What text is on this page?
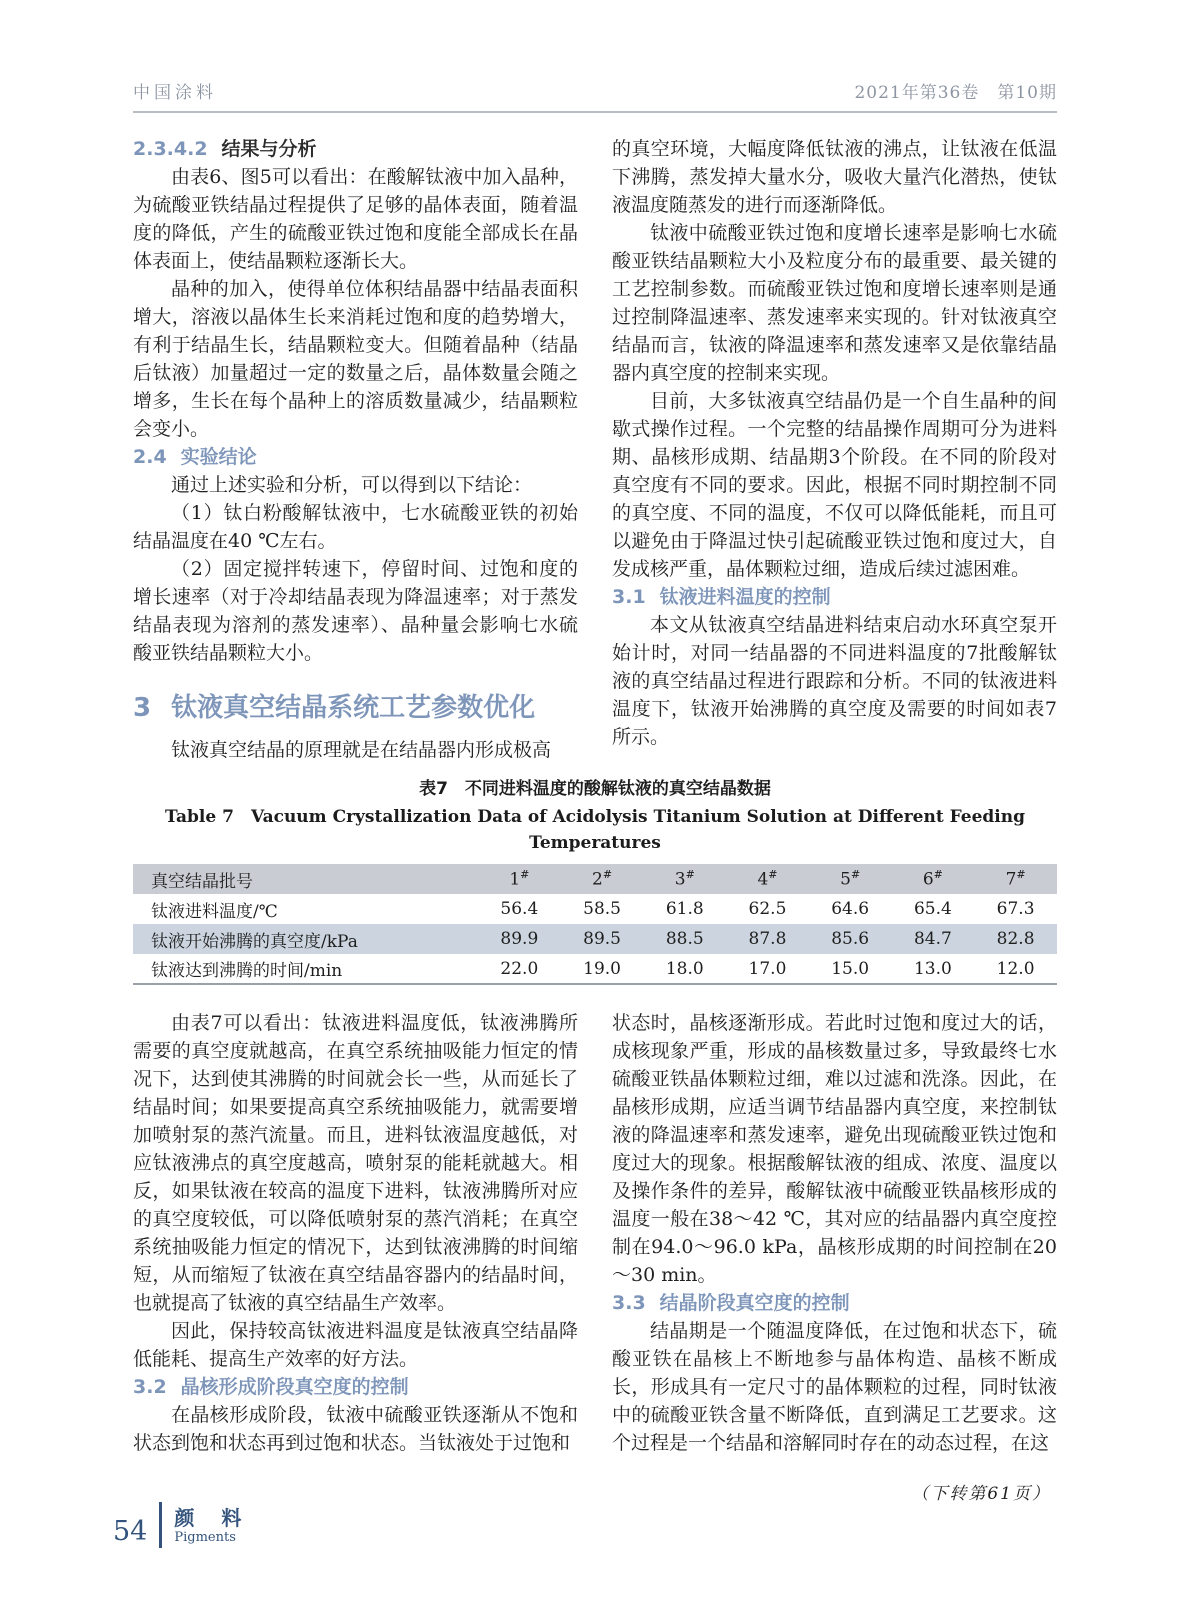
中国涂料	2021年第36卷　第10期
2.3.4.2 结果与分析

由表6、图5可以看出：在酸解钛液中加入晶种，为硫酸亚铁结晶过程提供了足够的晶体表面，随着温度的降低，产生的硫酸亚铁过饱和度能全部成长在晶体表面上，使结晶颗粒逐渐长大。

晶种的加入，使得单位体积结晶器中结晶表面积增大，溶液以晶体生长来消耗过饱和度的趋势增大，有利于结晶生长，结晶颗粒变大。但随着晶种（结晶后钛液）加量超过一定的数量之后，晶体数量会随之增多，生长在每个晶种上的溶质数量减少，结晶颗粒会变小。

2.4 实验结论

通过上述实验和分析，可以得到以下结论：

（1）钛白粉酸解钛液中，七水硫酸亚铁的初始结晶温度在40 ℃左右。

（2）固定搅拌转速下，停留时间、过饱和度的增长速率（对于冷却结晶表现为降温速率；对于蒸发结晶表现为溶剂的蒸发速率）、晶种量会影响七水硫酸亚铁结晶颗粒大小。

3 钛液真空结晶系统工艺参数优化

钛液真空结晶的原理就是在结晶器内形成极高

的真空环境，大幅度降低钛液的沸点，让钛液在低温下沸腾，蒸发掉大量水分，吸收大量汽化潜热，使钛液温度随蒸发的进行而逐渐降低。

钛液中硫酸亚铁过饱和度增长速率是影响七水硫酸亚铁结晶颗粒大小及粒度分布的最重要、最关键的工艺控制参数。而硫酸亚铁过饱和度增长速率则是通过控制降温速率、蒸发速率来实现的。针对钛液真空结晶而言，钛液的降温速率和蒸发速率又是依靠结晶器内真空度的控制来实现。

目前，大多钛液真空结晶仍是一个自生晶种的间歇式操作过程。一个完整的结晶操作周期可分为进料期、晶核形成期、结晶期3个阶段。在不同的阶段对真空度有不同的要求。因此，根据不同时期控制不同的真空度、不同的温度，不仅可以降低能耗，而且可以避免由于降温过快引起硫酸亚铁过饱和度过大，自发成核严重，晶体颗粒过细，造成后续过滤困难。

3.1 钛液进料温度的控制

本文从钛液真空结晶进料结束启动水环真空泵开始计时，对同一结晶器的不同进料温度的7批酸解钛液的真空结晶过程进行跟踪和分析。不同的钛液进料温度下，钛液开始沸腾的真空度及需要的时间如表7所示。

表7　不同进料温度的酸解钛液的真空结晶数据
Table 7　Vacuum Crystallization Data of Acidolysis Titanium Solution at Different Feeding Temperatures
真空结晶批号	1#	2#	3#	4#	5#	6#	7#
钛液进料温度/℃	56.4	58.5	61.8	62.5	64.6	65.4	67.3
钛液开始沸腾的真空度/kPa	89.9	89.5	88.5	87.8	85.6	84.7	82.8
钛液达到沸腾的时间/min	22.0	19.0	18.0	17.0	15.0	13.0	12.0

由表7可以看出：钛液进料温度低，钛液沸腾所需要的真空度就越高，在真空系统抽吸能力恒定的情况下，达到使其沸腾的时间就会长一些，从而延长了结晶时间；如果要提高真空系统抽吸能力，就需要增加喷射泵的蒸汽流量。而且，进料钛液温度越低，对应钛液沸点的真空度越高，喷射泵的能耗就越大。相反，如果钛液在较高的温度下进料，钛液沸腾所对应的真空度较低，可以降低喷射泵的蒸汽消耗；在真空系统抽吸能力恒定的情况下，达到钛液沸腾的时间缩短，从而缩短了钛液在真空结晶容器内的结晶时间，也就提高了钛液的真空结晶生产效率。

因此，保持较高钛液进料温度是钛液真空结晶降低能耗、提高生产效率的好方法。

3.2 晶核形成阶段真空度的控制

在晶核形成阶段，钛液中硫酸亚铁逐渐从不饱和状态到饱和状态再到过饱和状态。当钛液处于过饱和

状态时，晶核逐渐形成。若此时过饱和度过大的话，成核现象严重，形成的晶核数量过多，导致最终七水硫酸亚铁晶体颗粒过细，难以过滤和洗涤。因此，在晶核形成期，应适当调节结晶器内真空度，来控制钛液的降温速率和蒸发速率，避免出现硫酸亚铁过饱和度过大的现象。根据酸解钛液的组成、浓度、温度以及操作条件的差异，酸解钛液中硫酸亚铁晶核形成的温度一般在38～42 ℃，其对应的结晶器内真空度控制在94.0～96.0 kPa，晶核形成期的时间控制在20～30 min。

3.3 结晶阶段真空度的控制

结晶期是一个随温度降低，在过饱和状态下，硫酸亚铁在晶核上不断地参与晶体构造、晶核不断成长，形成具有一定尺寸的晶体颗粒的过程，同时钛液中的硫酸亚铁含量不断降低，直到满足工艺要求。这个过程是一个结晶和溶解同时存在的动态过程，在这

（下转第61页）
54 颜 料
Pigments
